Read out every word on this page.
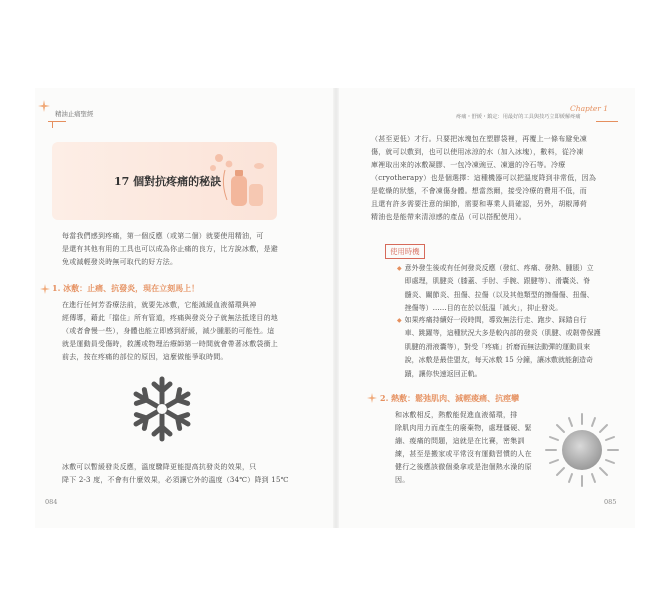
精油止痛聖經
Chapter 1
疼痛・舒緩・鎮定：用最好的工具與技巧立即緩解疼痛
17 個對抗疼痛的秘訣

每當我們感到疼痛，第一個反應（或第二個）就要使用精油，可

是還有其他有用的工具也可以成為你止痛的良方，比方說冰敷，是避

免或減輕發炎時無可取代的好方法。

1. 冰敷：止痛、抗發炎，現在立刻馬上！

在進行任何芳香療法前，就要先冰敷，它能減緩血液循環與神

經傳導，藉此「擋住」所有管道，疼痛與發炎分子就無法抵達目的地

（或者會慢一些），身體也能立即感到舒緩，減少腫脹的可能性。這

就是運動員受傷時，救護或物理治療師第一時間就會帶著冰敷袋衝上

前去，按在疼痛的部位的原因，這麼做能爭取時間。

冰敷可以暫緩發炎反應，溫度驟降更能提高抗發炎的效果，只

降下 2-3 度，不會有什麼效果，必須讓它外的溫度（34℃）降到 15℃

084

（甚至更低）才行。只要把冰塊包在塑膠袋裡，再覆上一條布避免凍

傷，就可以敷到，也可以使用冰涼的水（加入冰塊），數料，從冷凍

庫裡取出來的冰敷凝膠、一包冷凍豌豆、凍過的冷石等。冷療

（cryotherapy）也是個選擇：這種機器可以把溫度降到非常低，因為

是乾燥的狀態，不會凍傷身體。想當然爾，接受冷療的費用不低，而

且還有許多需要注意的細節，需要和專業人員確認，另外，胡椒薄荷

精油也是能帶來清涼感的產品（可以搭配使用）。

使用時機

◆ 意外發生後或有任何發炎反應（發紅、疼痛、發熱、腫脹）立

即處理，肌腱炎（膝蓋、手肘、手腕、跟腱等）、滑囊炎、脊

髓炎、關節炎、扭傷、拉傷（以及其他類型的擦傷傷、扭傷、

挫傷等）……目的在於以低溫「減火」，抑止發炎。

◆ 如果疼痛持續好一段時間，導致無法行走、跑步、踩踏自行

車、跳躍等，這種狀況大多是較內部的發炎（肌腱、或韌帶保護

肌腱的滑液囊等），對受「疼痛」折磨而無法動彈的運動員來

說，冰敷是最佳盟友，每天冰敷 15 分鐘，讓冰敷就能創造奇

蹟，讓你快速返回正軌。

2. 熱敷：鬆弛肌肉、減輕痠痛、抗痙攣

和冰敷相反，熱敷能促進血液循環，排

除肌肉用力而產生的廢棄物，處理僵硬、緊

繃、痠痛的問題，這就是在比賽，密集訓

練，甚至是搬家或平常沒有運動習慣的人在

健行之後應該徹個桑拿或是泡個熱水澡的原

因。

085
